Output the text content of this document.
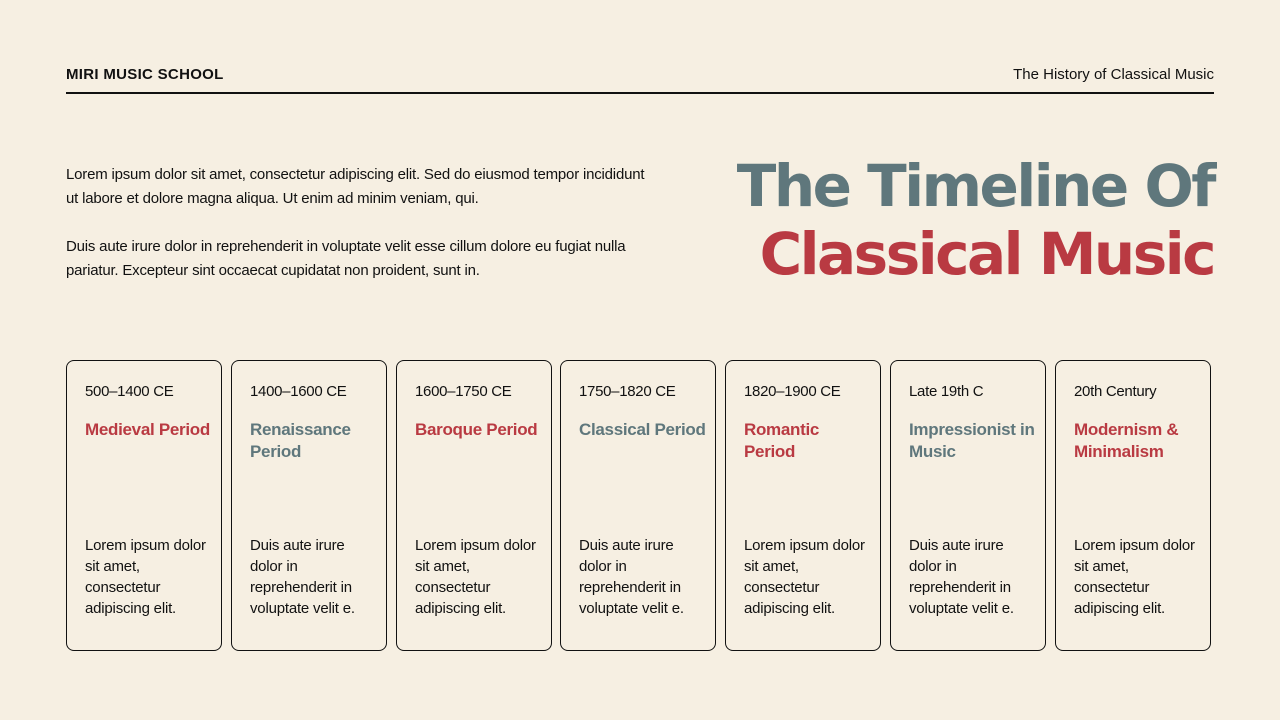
MIRI MUSIC SCHOOL	The History of Classical Music

Lorem ipsum dolor sit amet, consectetur adipiscing elit. Sed do eiusmod tempor incididunt ut labore et dolore magna aliqua. Ut enim ad minim veniam, qui.

Duis aute irure dolor in reprehenderit in voluptate velit esse cillum dolore eu fugiat nulla pariatur. Excepteur sint occaecat cupidatat non proident, sunt in.

The Timeline Of
Classical Music
500–1400 CE
Medieval Period
Lorem ipsum dolor sit amet, consectetur adipiscing elit.
1400–1600 CE
Renaissance Period
Duis aute irure dolor in reprehenderit in voluptate velit e.
1600–1750 CE
Baroque Period
Lorem ipsum dolor sit amet, consectetur adipiscing elit.
1750–1820 CE
Classical Period
Duis aute irure dolor in reprehenderit in voluptate velit e.
1820–1900 CE
Romantic Period
Lorem ipsum dolor sit amet, consectetur adipiscing elit.
Late 19th C
Impressionist in Music
Duis aute irure dolor in reprehenderit in voluptate velit e.
20th Century
Modernism & Minimalism
Lorem ipsum dolor sit amet, consectetur adipiscing elit.
